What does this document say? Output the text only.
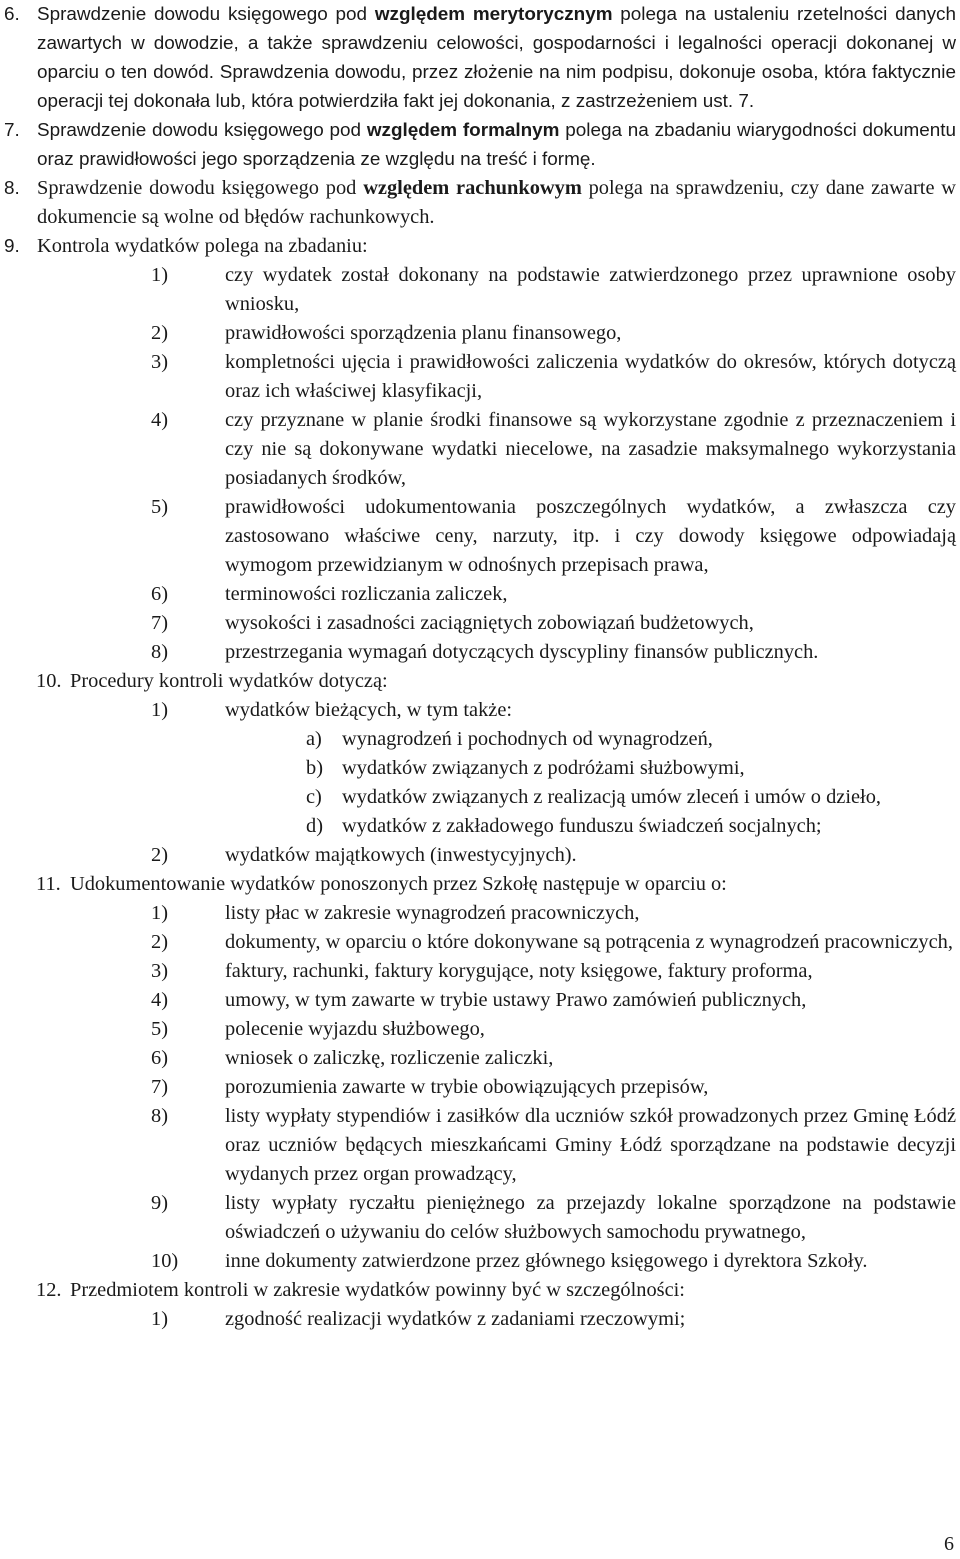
6. Sprawdzenie dowodu księgowego pod względem merytorycznym polega na ustaleniu rzetelności danych zawartych w dowodzie, a także sprawdzeniu celowości, gospodarności i legalności operacji dokonanej w oparciu o ten dowód. Sprawdzenia dowodu, przez złożenie na nim podpisu, dokonuje osoba, która faktycznie operacji tej dokonała lub, która potwierdziła fakt jej dokonania, z zastrzeżeniem ust. 7.
7. Sprawdzenie dowodu księgowego pod względem formalnym polega na zbadaniu wiarygodności dokumentu oraz prawidłowości jego sporządzenia ze względu na treść i formę.
8. Sprawdzenie dowodu księgowego pod względem rachunkowym polega na sprawdzeniu, czy dane zawarte w dokumencie są wolne od błędów rachunkowych.
9. Kontrola wydatków polega na zbadaniu:
1)	czy wydatek został dokonany na podstawie zatwierdzonego przez uprawnione osoby wniosku,
2)	prawidłowości sporządzenia planu finansowego,
3)	kompletności ujęcia i prawidłowości zaliczenia wydatków do okresów, których dotyczą oraz ich właściwej klasyfikacji,
4)	czy przyznane w planie środki finansowe są wykorzystane zgodnie z przeznaczeniem i czy nie są dokonywane wydatki niecelowe, na zasadzie maksymalnego wykorzystania posiadanych środków,
5)	prawidłowości udokumentowania poszczególnych wydatków, a zwłaszcza czy zastosowano właściwe ceny, narzuty, itp. i czy dowody księgowe odpowiadają wymogom przewidzianym w odnośnych przepisach prawa,
6)	terminowości rozliczania zaliczek,
7)	wysokości i zasadności zaciągniętych zobowiązań budżetowych,
8)	przestrzegania wymagań dotyczących dyscypliny finansów publicznych.
10. Procedury kontroli wydatków dotyczą:
1)	wydatków bieżących, w tym także:
a) wynagrodzeń i pochodnych od wynagrodzeń,
b) wydatków związanych z podróżami służbowymi,
c) wydatków związanych z realizacją umów zleceń i umów o dzieło,
d) wydatków z zakładowego funduszu świadczeń socjalnych;
2)	wydatków majątkowych (inwestycyjnych).
11. Udokumentowanie wydatków ponoszonych przez Szkołę następuje w oparciu o:
1)	listy płac w zakresie wynagrodzeń pracowniczych,
2)	dokumenty, w oparciu o które dokonywane są potrącenia z wynagrodzeń pracowniczych,
3)	faktury, rachunki, faktury korygujące, noty księgowe, faktury proforma,
4)	umowy, w tym zawarte w trybie ustawy Prawo zamówień publicznych,
5)	polecenie wyjazdu służbowego,
6)	wniosek o zaliczkę, rozliczenie zaliczki,
7)	porozumienia zawarte w trybie obowiązujących przepisów,
8)	listy wypłaty stypendiów i zasiłków dla uczniów szkół prowadzonych przez Gminę Łódź oraz uczniów będących mieszkańcami Gminy Łódź sporządzane na podstawie decyzji wydanych przez organ prowadzący,
9)	listy wypłaty ryczałtu pieniężnego za przejazdy lokalne sporządzone na podstawie oświadczeń o używaniu do celów służbowych samochodu prywatnego,
10) inne dokumenty zatwierdzone przez głównego księgowego i dyrektora Szkoły.
12. Przedmiotem kontroli w zakresie wydatków powinny być w szczególności:
1)	zgodność realizacji wydatków z zadaniami rzeczowymi;
6
